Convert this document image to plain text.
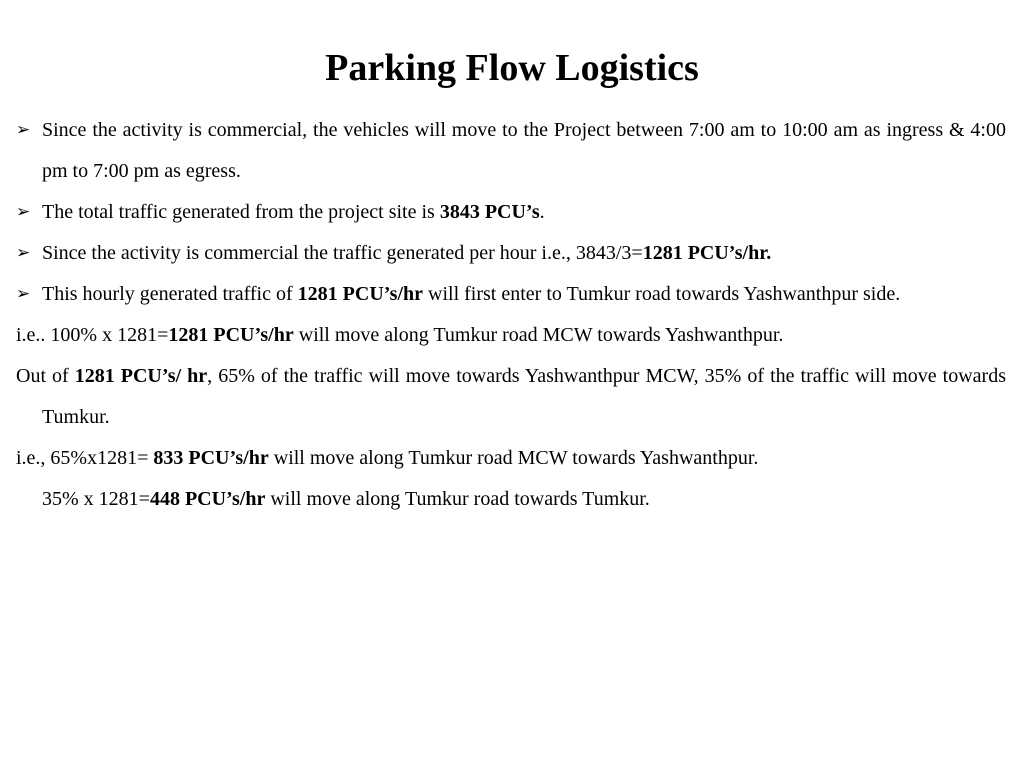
Parking Flow Logistics

➢ Since the activity is commercial, the vehicles will move to the Project between 7:00 am to 10:00 am as ingress & 4:00 pm to 7:00 pm as egress.

➢ The total traffic generated from the project site is 3843 PCU’s.

➢ Since the activity is commercial the traffic generated per hour i.e., 3843/3=1281 PCU’s/hr.

➢ This hourly generated traffic of 1281 PCU’s/hr will first enter to Tumkur road towards Yashwanthpur side.

i.e.. 100% x 1281=1281 PCU’s/hr will move along Tumkur road MCW towards Yashwanthpur.

Out of 1281 PCU’s/ hr, 65% of the traffic will move towards Yashwanthpur MCW, 35% of the traffic will move towards Tumkur.

i.e., 65%x1281= 833 PCU’s/hr will move along Tumkur road MCW towards Yashwanthpur.

35% x 1281=448 PCU’s/hr will move along Tumkur road towards Tumkur.
